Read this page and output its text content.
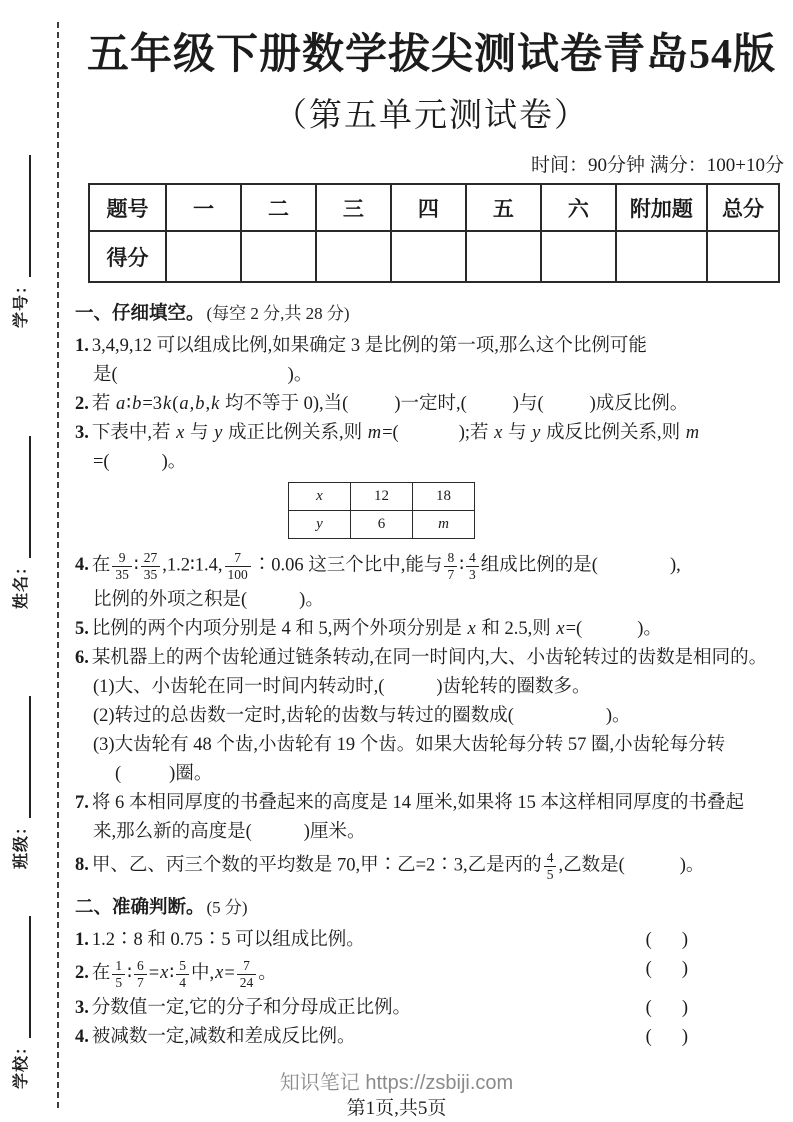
学号：
姓名：
班级：
学校：
五年级下册数学拔尖测试卷青岛54版
（第五单元测试卷）
时间：90分钟 满分：100+10分
题号	一	二	三	四	五	六	附加题	总分
得分								
一、仔细填空。 (每空 2 分,共 28 分)
1. 3,4,9,12 可以组成比例,如果确定 3 是比例的第一项,那么这个比例可能
是(	)。
2. 若 a∶b=3k(a,b,k 均不等于 0),当( )一定时,( )与( )成反比例。
3. 下表中,若 x 与 y 成正比例关系,则 m=(	);若 x 与 y 成反比例关系,则 m
=(	)。
x	12	18
y	6	m
4. 在 $\frac{9}{35}$ ∶ $\frac{27}{35}$ ,1.2∶1.4, $\frac{7}{100}$ ∶0.06 这三个比中,能与 $\frac{8}{7}$ ∶ $\frac{4}{3}$ 组成比例的是(	),
比例的外项之积是(	)。
5. 比例的两个内项分别是 4 和 5,两个外项分别是 x 和 2.5,则 x=(	)。
6. 某机器上的两个齿轮通过链条转动,在同一时间内,大、小齿轮转过的齿数是相同的。
(1)大、小齿轮在同一时间内转动时,(	)齿轮转的圈数多。
(2)转过的总齿数一定时,齿轮的齿数与转过的圈数成(	)。
(3)大齿轮有 48 个齿,小齿轮有 19 个齿。如果大齿轮每分转 57 圈,小齿轮每分转
(	)圈。
7. 将 6 本相同厚度的书叠起来的高度是 14 厘米,如果将 15 本这样相同厚度的书叠起
来,那么新的高度是(	)厘米。
8. 甲、乙、丙三个数的平均数是 70,甲∶乙=2∶3,乙是丙的 $\frac{4}{5}$ ,乙数是(	)。
二、准确判断。 (5 分)
1. 1.2∶8 和 0.75∶5 可以组成比例。	( )
2. 在 $\frac{1}{5}$ ∶ $\frac{6}{7}$ =x∶ $\frac{5}{4}$ 中$,x= \frac{7}{24}$ 。	( )
3. 分数值一定,它的分子和分母成正比例。	( )
4. 被减数一定,减数和差成反比例。	( )
知识笔记 https://zsbiji.com
第1页,共5页
